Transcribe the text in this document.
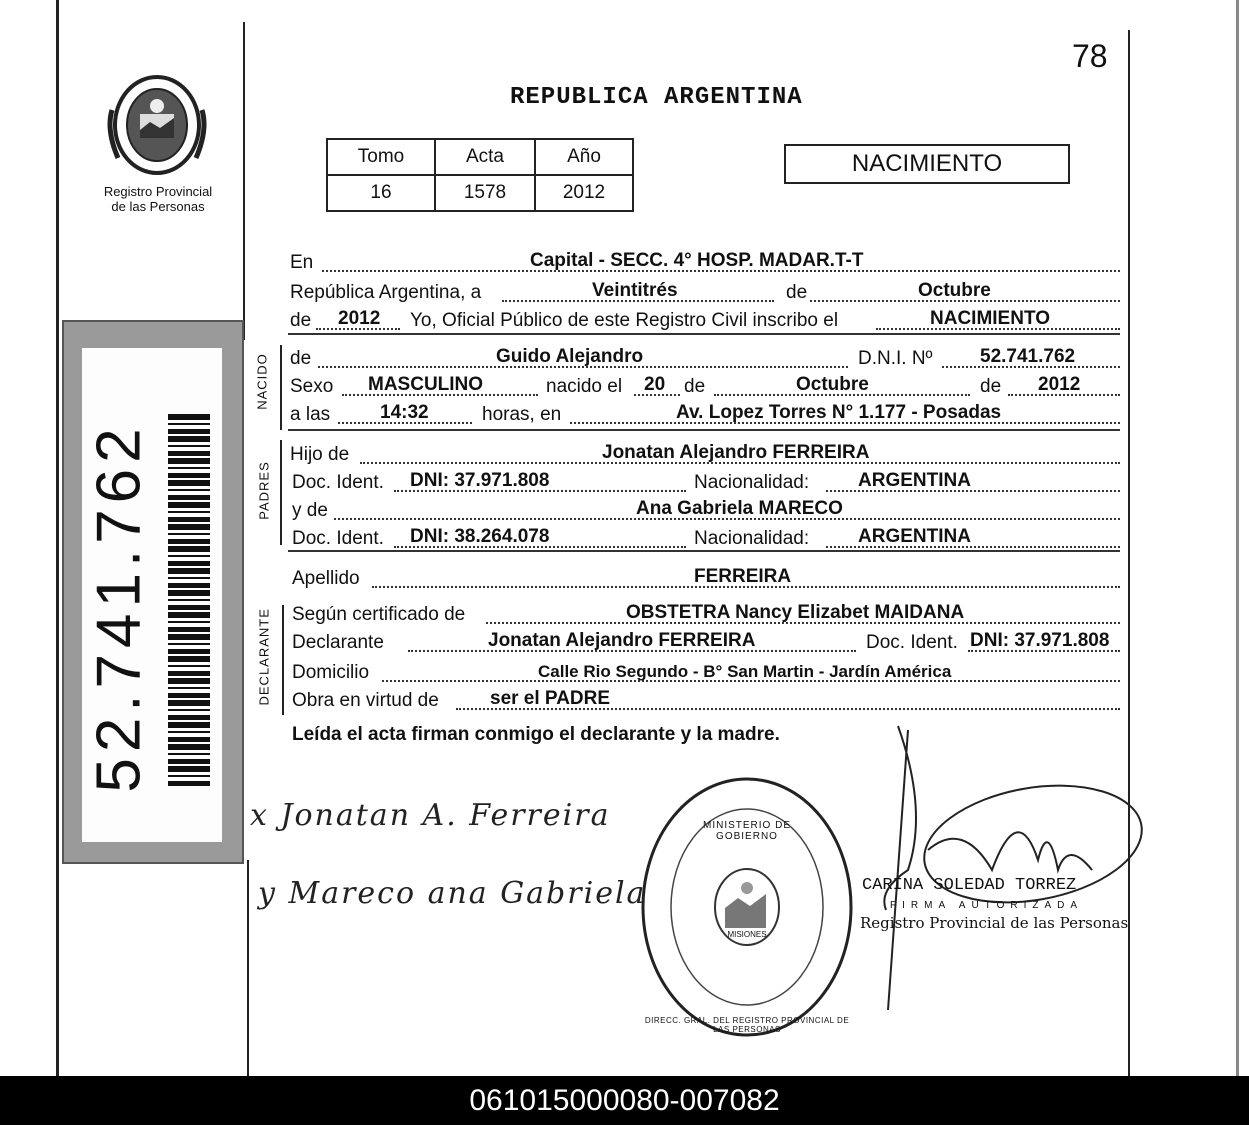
78
Registro Provincial de las Personas
52.741.762
REPUBLICA ARGENTINA
Tomo	Acta	Año
16	1578	2012
NACIMIENTO
NACIDO
PADRES
DECLARANTE
En	Capital - SECC. 4° HOSP. MADAR.T-T
República Argentina, a	Veintitrés	de	Octubre
de 2012 Yo, Oficial Público de este Registro Civil inscribo el	NACIMIENTO
de	Guido Alejandro	D.N.I. Nº	52.741.762
Sexo MASCULINO	nacido el 20 de	Octubre	de 2012
a las	14:32	horas, en	Av. Lopez Torres N° 1.177 - Posadas
Hijo de	Jonatan Alejandro FERREIRA
Doc. Ident. DNI: 37.971.808	Nacionalidad:	ARGENTINA
y de	Ana Gabriela MARECO
Doc. Ident. DNI: 38.264.078	Nacionalidad:	ARGENTINA
Apellido	FERREIRA
Según certificado de	OBSTETRA Nancy Elizabet MAIDANA
Declarante	Jonatan Alejandro FERREIRA	Doc. Ident. DNI: 37.971.808
Domicilio	Calle Rio Segundo - B° San Martin - Jardín América
Obra en virtud de	ser el PADRE
Leída el acta firman conmigo el declarante y la madre.
x Jonatan A. Ferreira
y Mareco ana Gabriela
DIRECC. GRAL. DEL REGISTRO PROVINCIAL DE LAS PERSONAS
MINISTERIO DE GOBIERNO
MISIONES
CARINA SOLEDAD TORREZ
FIRMA AUTORIZADA
Registro Provincial de las Personas
061015000080-007082
